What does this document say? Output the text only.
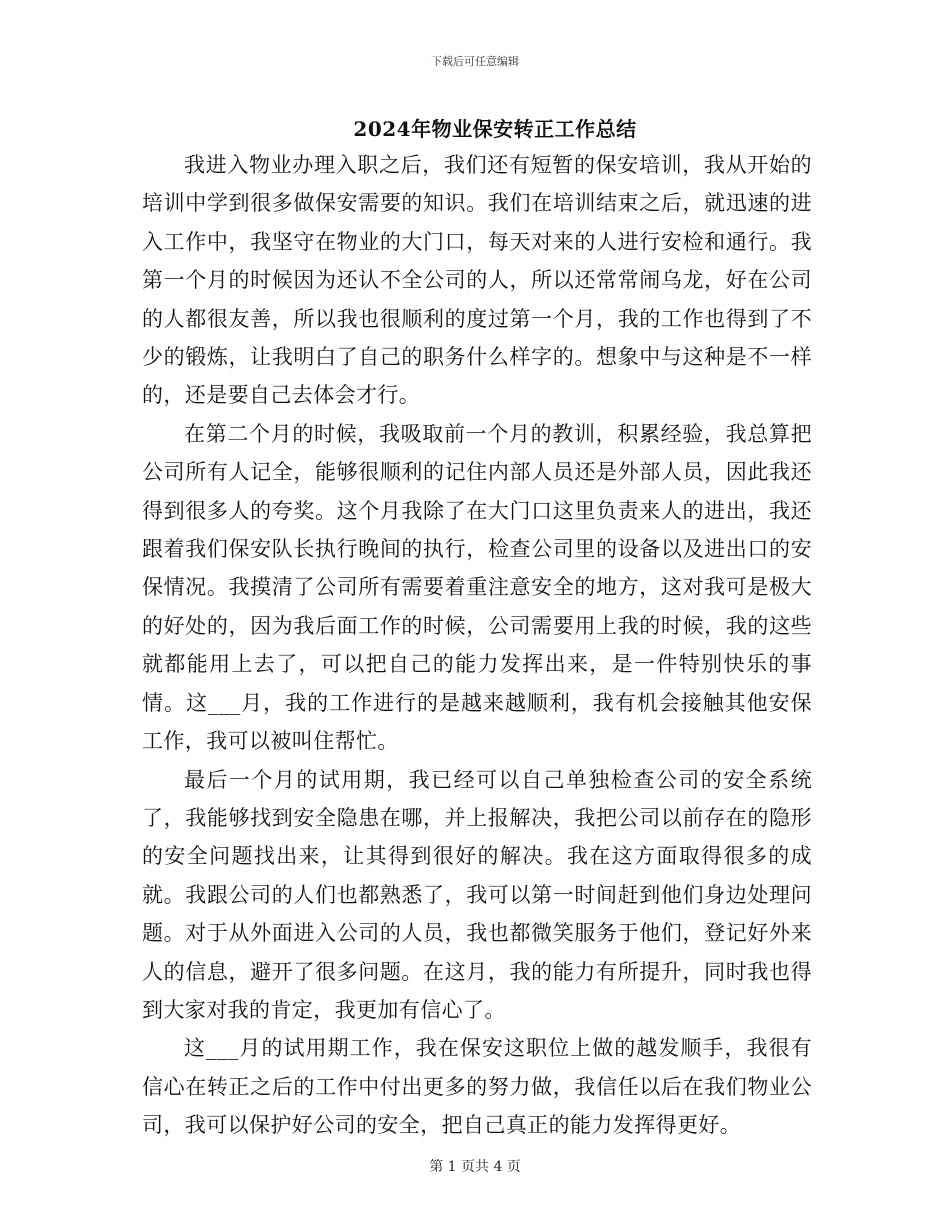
下载后可任意编辑
2024年物业保安转正工作总结

我进入物业办理入职之后，我们还有短暂的保安培训，我从开始的培训中学到很多做保安需要的知识。我们在培训结束之后，就迅速的进入工作中，我坚守在物业的大门口，每天对来的人进行安检和通行。我第一个月的时候因为还认不全公司的人，所以还常常闹乌龙，好在公司的人都很友善，所以我也很顺利的度过第一个月，我的工作也得到了不少的锻炼，让我明白了自己的职务什么样字的。想象中与这种是不一样的，还是要自己去体会才行。

在第二个月的时候，我吸取前一个月的教训，积累经验，我总算把公司所有人记全，能够很顺利的记住内部人员还是外部人员，因此我还得到很多人的夸奖。这个月我除了在大门口这里负责来人的进出，我还跟着我们保安队长执行晚间的执行，检查公司里的设备以及进出口的安保情况。我摸清了公司所有需要着重注意安全的地方，这对我可是极大的好处的，因为我后面工作的时候，公司需要用上我的时候，我的这些就都能用上去了，可以把自己的能力发挥出来，是一件特别快乐的事情。这___月，我的工作进行的是越来越顺利，我有机会接触其他安保工作，我可以被叫住帮忙。

最后一个月的试用期，我已经可以自己单独检查公司的安全系统了，我能够找到安全隐患在哪，并上报解决，我把公司以前存在的隐形的安全问题找出来，让其得到很好的解决。我在这方面取得很多的成就。我跟公司的人们也都熟悉了，我可以第一时间赶到他们身边处理问题。对于从外面进入公司的人员，我也都微笑服务于他们，登记好外来人的信息，避开了很多问题。在这月，我的能力有所提升，同时我也得到大家对我的肯定，我更加有信心了。

这___月的试用期工作，我在保安这职位上做的越发顺手，我很有信心在转正之后的工作中付出更多的努力做，我信任以后在我们物业公司，我可以保护好公司的安全，把自己真正的能力发挥得更好。

第 1 页共 4 页
